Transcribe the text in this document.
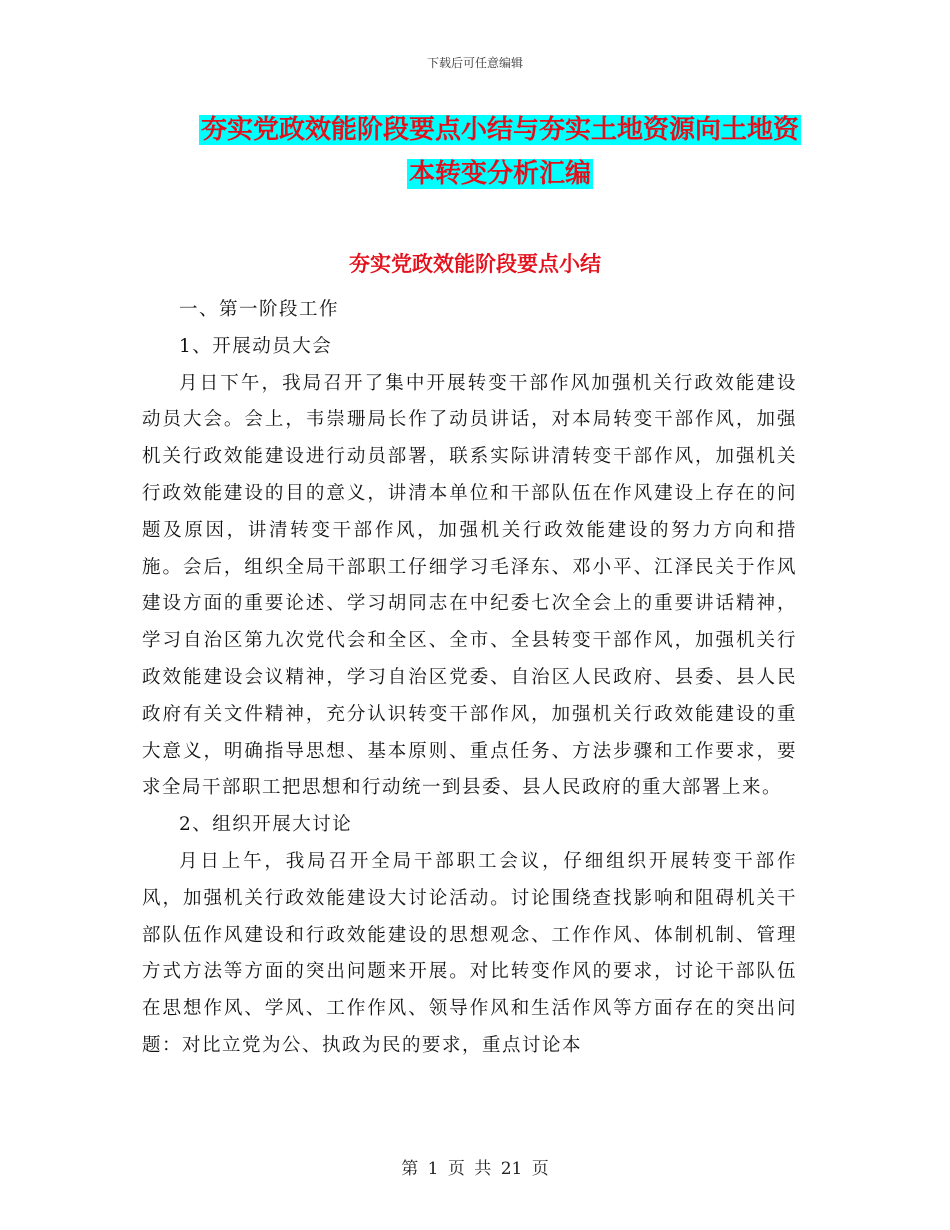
下载后可任意编辑
夯实党政效能阶段要点小结与夯实土地资源向土地资
本转变分析汇编
夯实党政效能阶段要点小结

一、第一阶段工作

1、开展动员大会

月日下午，我局召开了集中开展转变干部作风加强机关行政效能建设动员大会。会上，韦崇珊局长作了动员讲话，对本局转变干部作风，加强机关行政效能建设进行动员部署，联系实际讲清转变干部作风，加强机关行政效能建设的目的意义，讲清本单位和干部队伍在作风建设上存在的问题及原因，讲清转变干部作风，加强机关行政效能建设的努力方向和措施。会后，组织全局干部职工仔细学习毛泽东、邓小平、江泽民关于作风建设方面的重要论述、学习胡同志在中纪委七次全会上的重要讲话精神，学习自治区第九次党代会和全区、全市、全县转变干部作风，加强机关行政效能建设会议精神，学习自治区党委、自治区人民政府、县委、县人民政府有关文件精神，充分认识转变干部作风，加强机关行政效能建设的重大意义，明确指导思想、基本原则、重点任务、方法步骤和工作要求，要求全局干部职工把思想和行动统一到县委、县人民政府的重大部署上来。

2、组织开展大讨论

月日上午，我局召开全局干部职工会议，仔细组织开展转变干部作风，加强机关行政效能建设大讨论活动。讨论围绕查找影响和阻碍机关干部队伍作风建设和行政效能建设的思想观念、工作作风、体制机制、管理方式方法等方面的突出问题来开展。对比转变作风的要求，讨论干部队伍在思想作风、学风、工作作风、领导作风和生活作风等方面存在的突出问题：对比立党为公、执政为民的要求，重点讨论本

第 1 页 共 21 页
